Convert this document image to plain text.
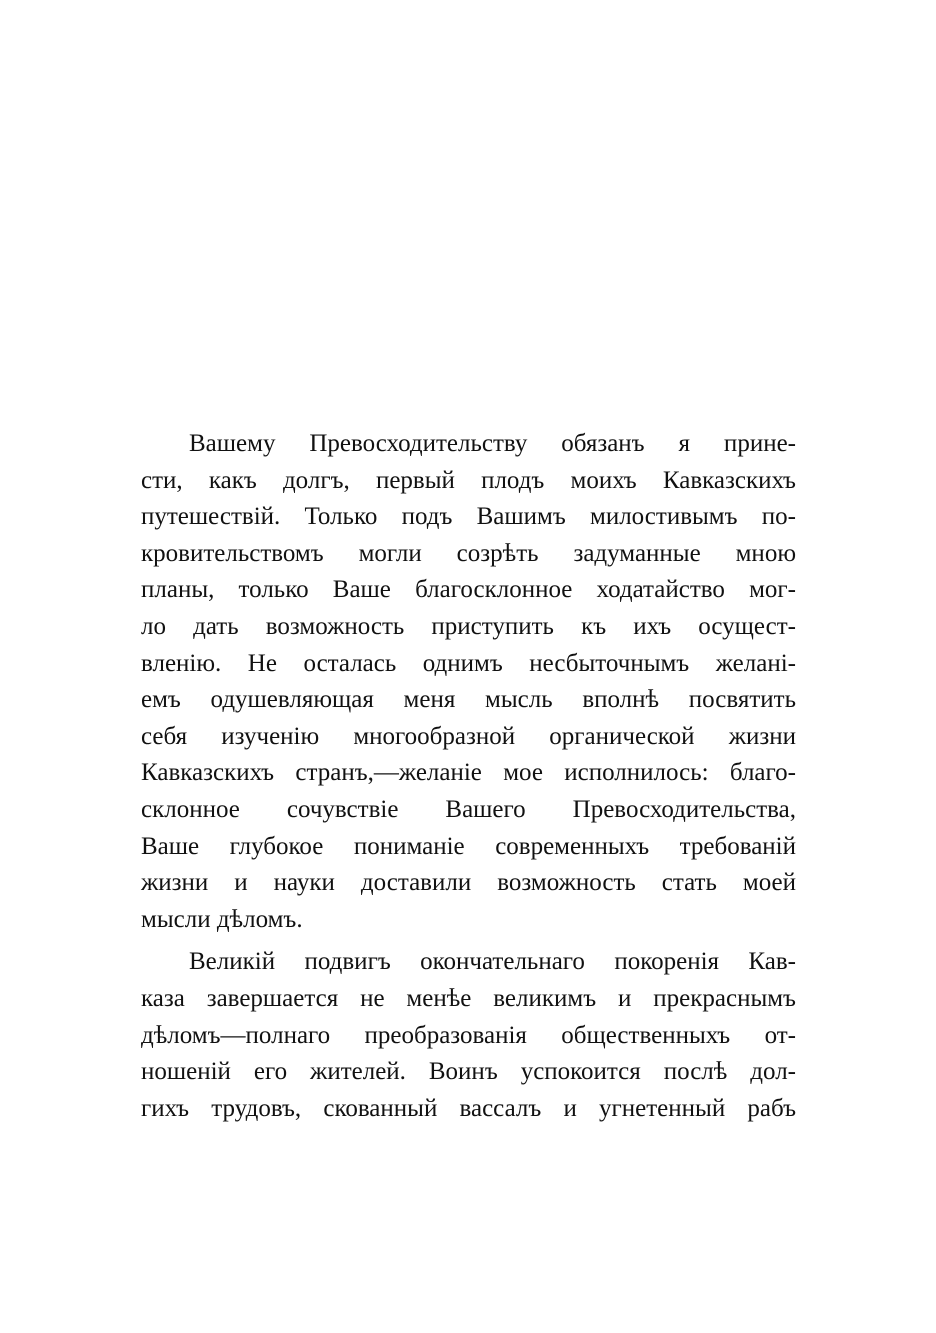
Вашему Превосходительству обязанъ я прине-
сти, какъ долгъ, первый плодъ моихъ Кавказскихъ
путешествій. Только подъ Вашимъ милостивымъ по-
кровительствомъ могли созрѣть задуманные мною
планы, только Ваше благосклонное ходатайство мог-
ло дать возможность приступить къ ихъ осущест-
вленію. Не осталась однимъ несбыточнымъ желані-
емъ одушевляющая меня мысль вполнѣ посвятить
себя изученію многообразной органической жизни
Кавказскихъ странъ,—желаніе мое исполнилось: благо-
склонное сочувствіе Вашего Превосходительства,
Ваше глубокое пониманіе современныхъ требованій
жизни и науки доставили возможность стать моей
мысли дѣломъ.
Великій подвигъ окончательнаго покоренія Кав-
каза завершается не менѣе великимъ и прекраснымъ
дѣломъ—полнаго преобразованія общественныхъ от-
ношеній его жителей. Воинъ успокоится послѣ дол-
гихъ трудовъ, скованный вассалъ и угнетенный рабъ
